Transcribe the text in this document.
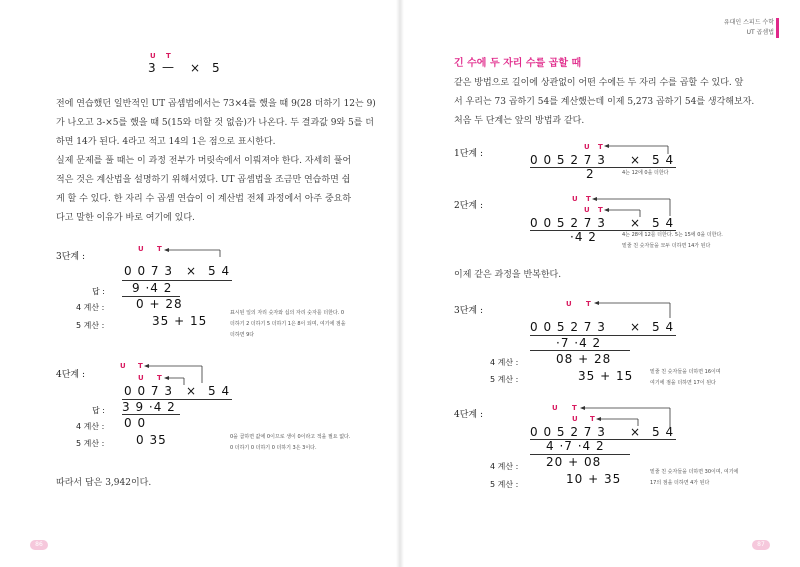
유대인 스피드 수학
UT 곱셈법
U T
3 — × 5

전에 연습했던 일반적인 UT 곱셈법에서는 73×4를 했을 때 9(28 더하기 12는 9)

가 나오고 3-×5를 했을 때 5(15와 더할 것 없음)가 나온다. 두 결과값 9와 5를 더

하면 14가 된다. 4라고 적고 14의 1은 점으로 표시한다.

실제 문제를 풀 때는 이 과정 전부가 머릿속에서 이뤄져야 한다. 자세히 풀어

적은 것은 계산법을 설명하기 위해서였다. UT 곱셈법을 조금만 연습하면 쉽

게 할 수 있다. 한 자리 수 곱셈 연습이 이 계산법 전체 과정에서 아주 중요하

다고 말한 이유가 바로 여기에 있다.

3단계 :
U T
0 0 7 3 × 5 4
답 : 9 ·4 2
4 계산 :	0 + 28
5 계산 :	35 + 15
표시된 일의 자리 숫자와 십의 자리 숫자를 더한다. 0
더하기 2 더하기 5 더하기 1은 8이 되며, 여기에 점을
더하면 9다
4단계 :
U T
U T
0 0 7 3 × 5 4
답 : 3 9 ·4 2
4 계산 : 0 0
5 계산 :	0 35	0을 곱하면 값에 0이므로 생이 0이라고 적을 필요 없다.
0 더하기 0 더하기 0 더하기 3은 3이다.
따라서 답은 3,942이다.
86
긴 수에 두 자리 수를 곱할 때

같은 방법으로 길이에 상관없이 어떤 수에든 두 자리 수를 곱할 수 있다. 앞

서 우리는 73 곱하기 54를 계산했는데 이제 5,273 곱하기 54를 생각해보자.

처음 두 단계는 앞의 방법과 같다.

1단계 :
U T
0 0 5 2 7 3 × 5 4
2	4는 12에 0을 더한다
2단계 :
U T
U T
0 0 5 2 7 3 × 5 4
·4 2	4는 28에 12를 더한다. 5는 15에 0을 더한다.
밑줄 친 숫자들을 모두 더하면 14가 된다
이제 같은 과정을 반복한다.
3단계 :
U T
0 0 5 2 7 3 × 5 4
·7 ·4 2
4 계산 :	08 + 28
5 계산 :	35 + 15	밑줄 친 숫자들을 더하면 16이며
여기에 점을 더하면 17이 된다
4단계 :
U T
U T
0 0 5 2 7 3 × 5 4
4 ·7 ·4 2
4 계산 : 20 + 08
5 계산 :	10 + 35	밑줄 친 숫자들을 더하면 30이며, 여기에
17의 점을 더하면 4가 된다
87
